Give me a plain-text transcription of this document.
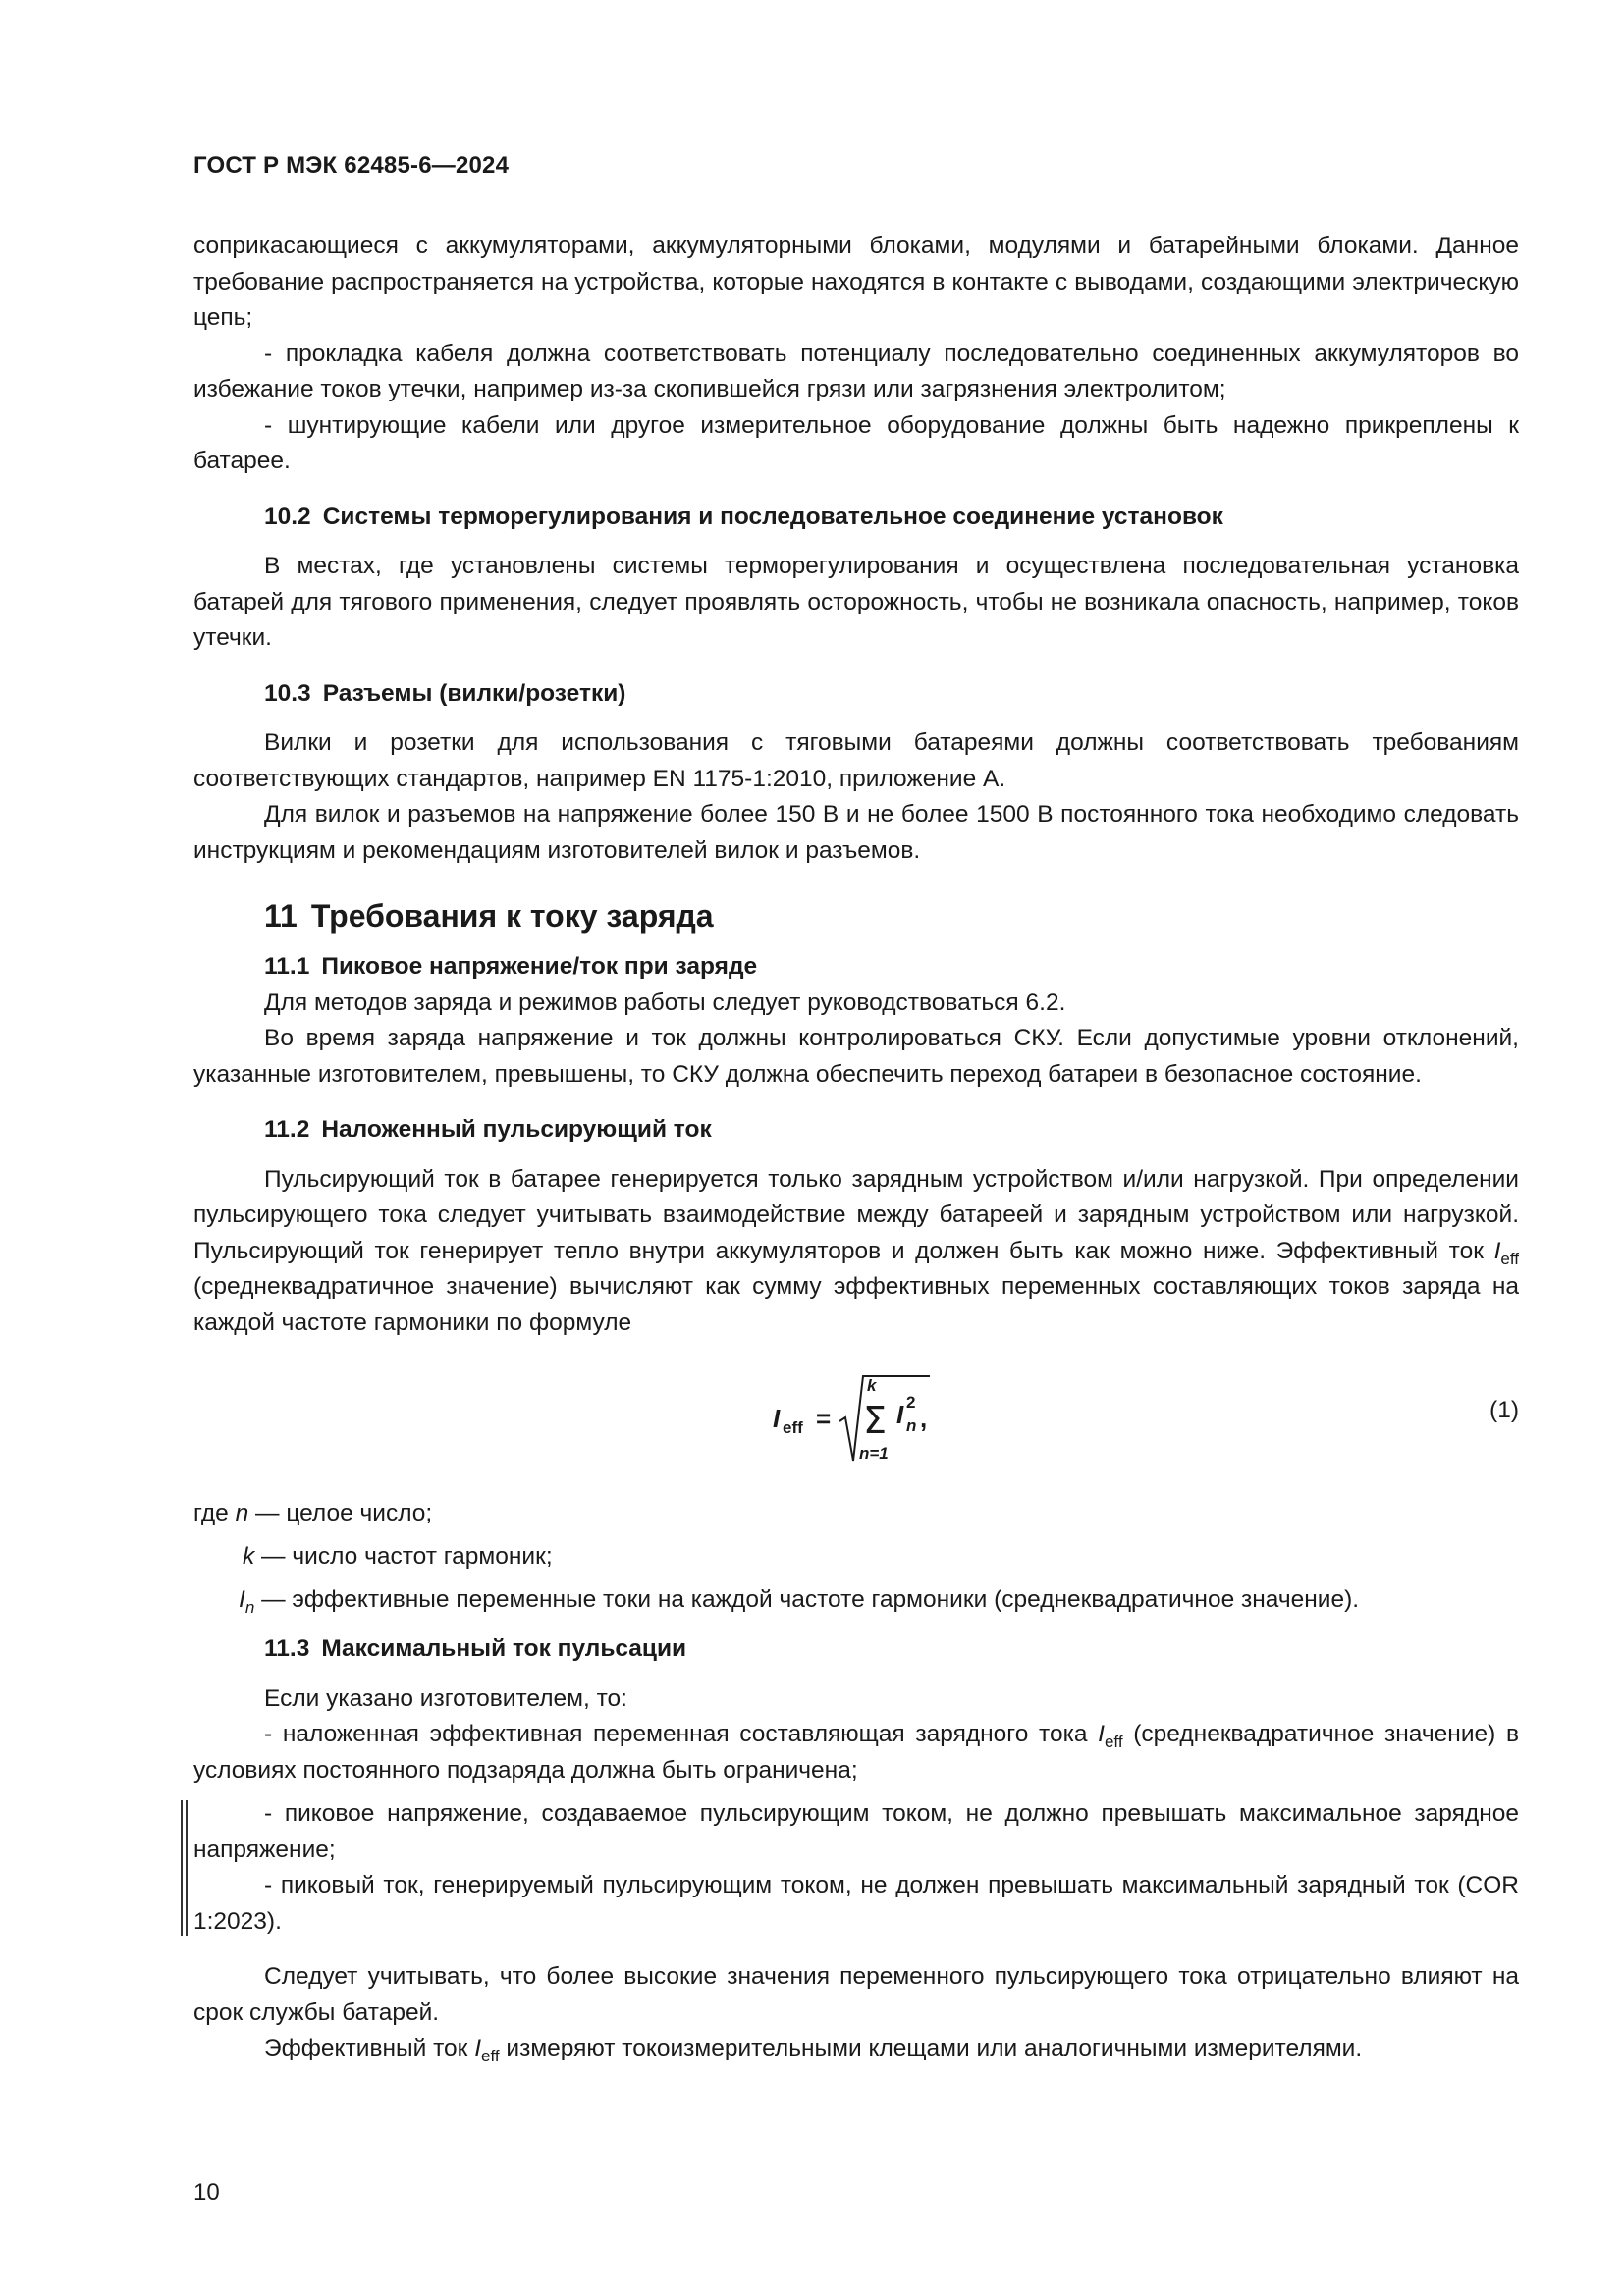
ГОСТ Р МЭК 62485-6—2024

соприкасающиеся с аккумуляторами, аккумуляторными блоками, модулями и батарейными блоками. Данное требование распространяется на устройства, которые находятся в контакте с выводами, создающими электрическую цепь;

- прокладка кабеля должна соответствовать потенциалу последовательно соединенных аккумуляторов во избежание токов утечки, например из-за скопившейся грязи или загрязнения электролитом;

- шунтирующие кабели или другое измерительное оборудование должны быть надежно прикреплены к батарее.

10.2 Системы терморегулирования и последовательное соединение установок

В местах, где установлены системы терморегулирования и осуществлена последовательная установка батарей для тягового применения, следует проявлять осторожность, чтобы не возникала опасность, например, токов утечки.

10.3 Разъемы (вилки/розетки)

Вилки и розетки для использования с тяговыми батареями должны соответствовать требованиям соответствующих стандартов, например EN 1175-1:2010, приложение А.

Для вилок и разъемов на напряжение более 150 В и не более 1500 В постоянного тока необходимо следовать инструкциям и рекомендациям изготовителей вилок и разъемов.

11 Требования к току заряда
11.1 Пиковое напряжение/ток при заряде

Для методов заряда и режимов работы следует руководствоваться 6.2.

Во время заряда напряжение и ток должны контролироваться СКУ. Если допустимые уровни отклонений, указанные изготовителем, превышены, то СКУ должна обеспечить переход батареи в безопасное состояние.

11.2 Наложенный пульсирующий ток

Пульсирующий ток в батарее генерируется только зарядным устройством и/или нагрузкой. При определении пульсирующего тока следует учитывать взаимодействие между батареей и зарядным устройством или нагрузкой. Пульсирующий ток генерирует тепло внутри аккумуляторов и должен быть как можно ниже. Эффективный ток $I_{eff}$ (среднеквадратичное значение) вычисляют как сумму эффективных переменных составляющих токов заряда на каждой частоте гармоники по формуле

I eff =
k
Σ
n=1
I 2
n ,	(1)

где n — целое число;

k — число частот гармоник;

$I_n$ — эффективные переменные токи на каждой частоте гармоники (среднеквадратичное значение).

11.3 Максимальный ток пульсации

Если указано изготовителем, то:

- наложенная эффективная переменная составляющая зарядного тока $I_{eff}$ (среднеквадратичное значение) в условиях постоянного подзаряда должна быть ограничена;

- пиковое напряжение, создаваемое пульсирующим током, не должно превышать максимальное зарядное напряжение;

- пиковый ток, генерируемый пульсирующим током, не должен превышать максимальный зарядный ток (COR 1:2023).

Следует учитывать, что более высокие значения переменного пульсирующего тока отрицательно влияют на срок службы батарей.

Эффективный ток $I_{eff}$ измеряют токоизмерительными клещами или аналогичными измерителями.

10
